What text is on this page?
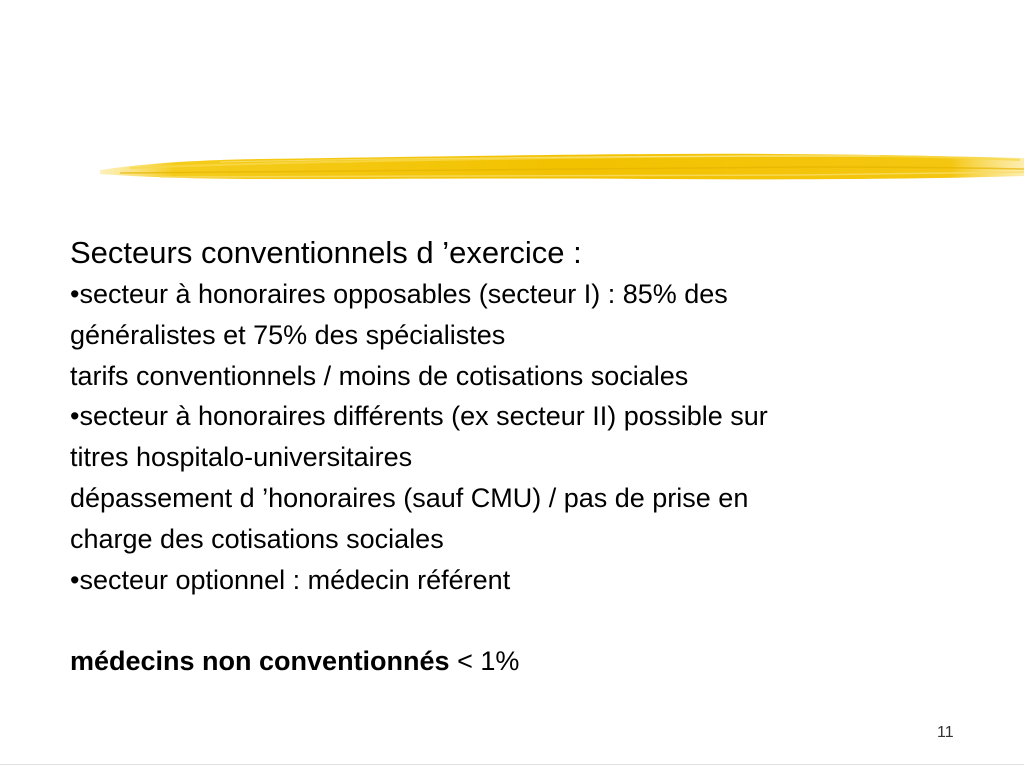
Secteurs conventionnels d ’exercice :
•secteur à honoraires opposables (secteur I) : 85% des
généralistes et 75% des spécialistes
tarifs conventionnels / moins de cotisations sociales
•secteur à honoraires différents (ex secteur II) possible sur
titres hospitalo-universitaires
dépassement d ’honoraires (sauf CMU) / pas de prise en
charge des cotisations sociales
•secteur optionnel : médecin référent
médecins non conventionnés < 1%
11
